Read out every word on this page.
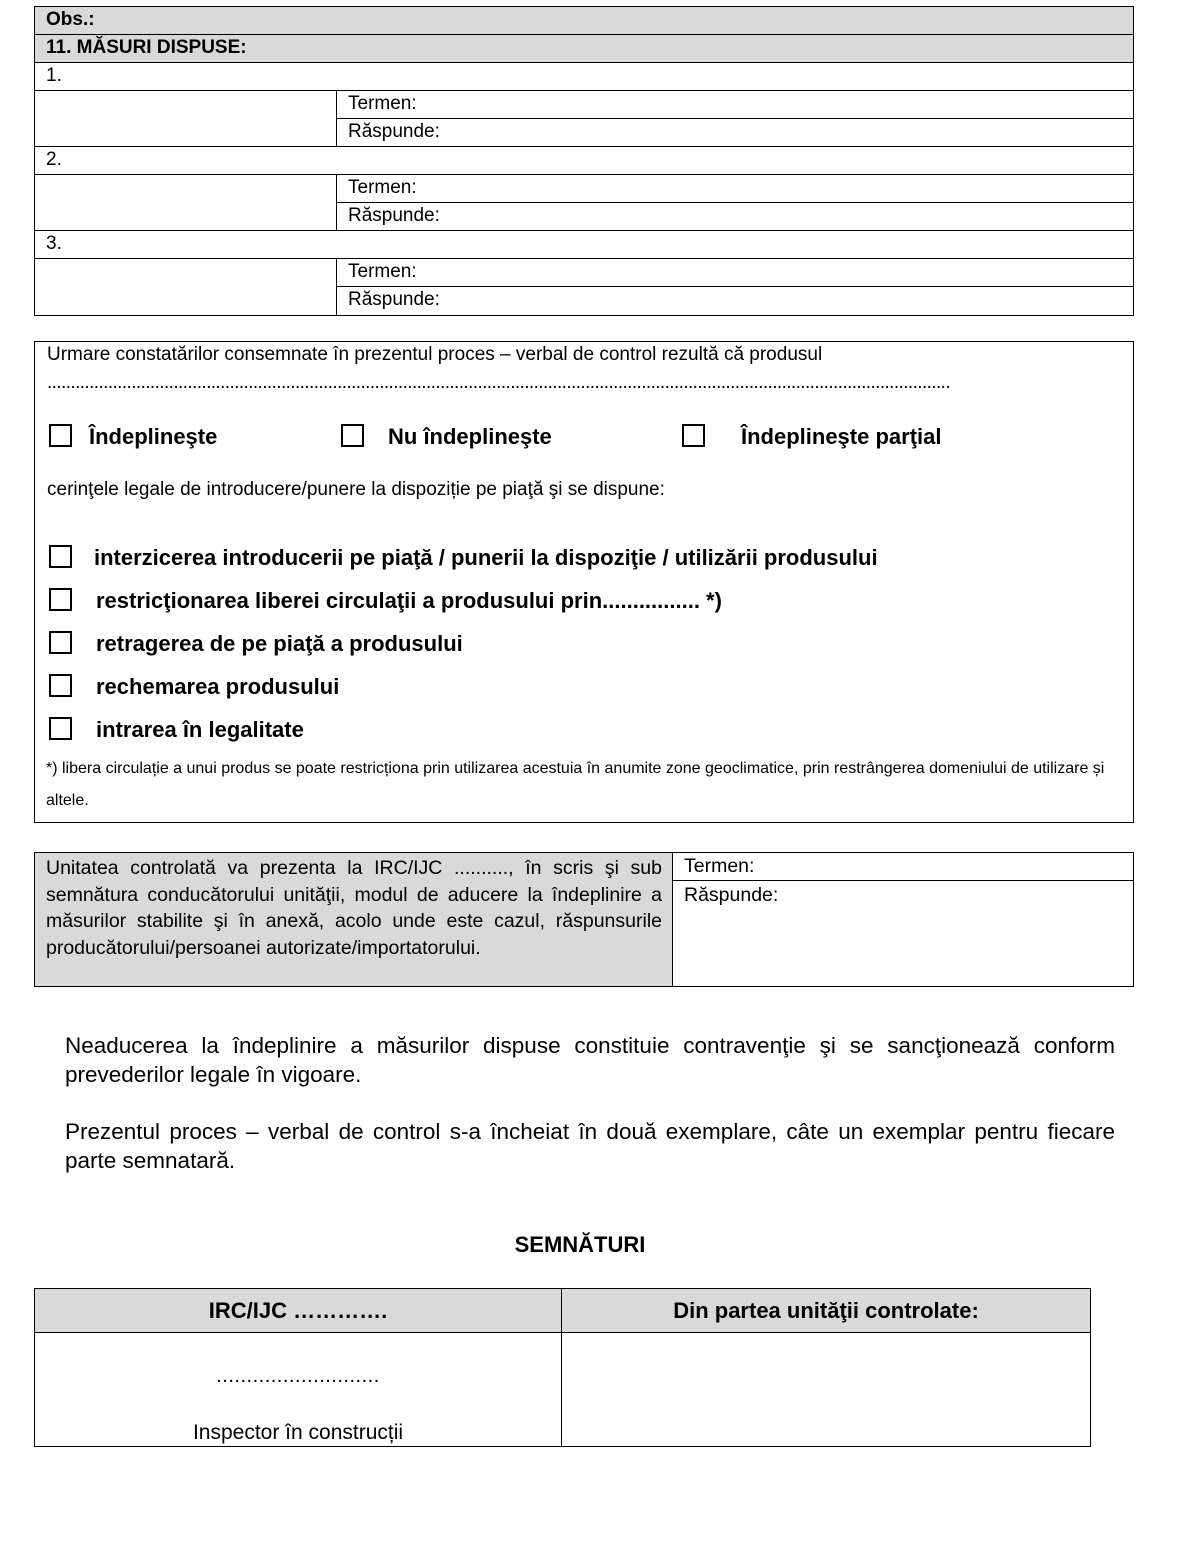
Obs.:
11. MĂSURI DISPUSE:
1.
Termen:
Răspunde:
2.
Termen:
Răspunde:
3.
Termen:
Răspunde:
Urmare constatărilor consemnate în prezentul proces – verbal de control rezultă că produsul
.................................................................................................................................................................................................
Îndeplineşte	Nu îndeplineşte	Îndeplineşte parţial
cerinţele legale de introducere/punere la dispoziție pe piaţă şi se dispune:
interzicerea introducerii pe piaţă / punerii la dispoziţie / utilizării produsului
restricţionarea liberei circulaţii a produsului prin................ *)
retragerea de pe piaţă a produsului
rechemarea produsului
intrarea în legalitate
*) libera circulație a unui produs se poate restricționa prin utilizarea acestuia în anumite zone geoclimatice, prin restrângerea domeniului de utilizare și altele.
Unitatea controlată va prezenta la IRC/IJC .........., în scris şi sub semnătura conducătorului unităţii, modul de aducere la îndeplinire a măsurilor stabilite şi în anexă, acolo unde este cazul, răspunsurile producătorului/persoanei autorizate/importatorului.
Termen:
Răspunde:
Neaducerea la îndeplinire a măsurilor dispuse constituie contravenţie şi se sancţionează conform prevederilor legale în vigoare.
Prezentul proces – verbal de control s-a încheiat în două exemplare, câte un exemplar pentru fiecare parte semnatară.
SEMNĂTURI
IRC/IJC ………….	Din partea unităţii controlate:
...........................
Inspector în construcții
